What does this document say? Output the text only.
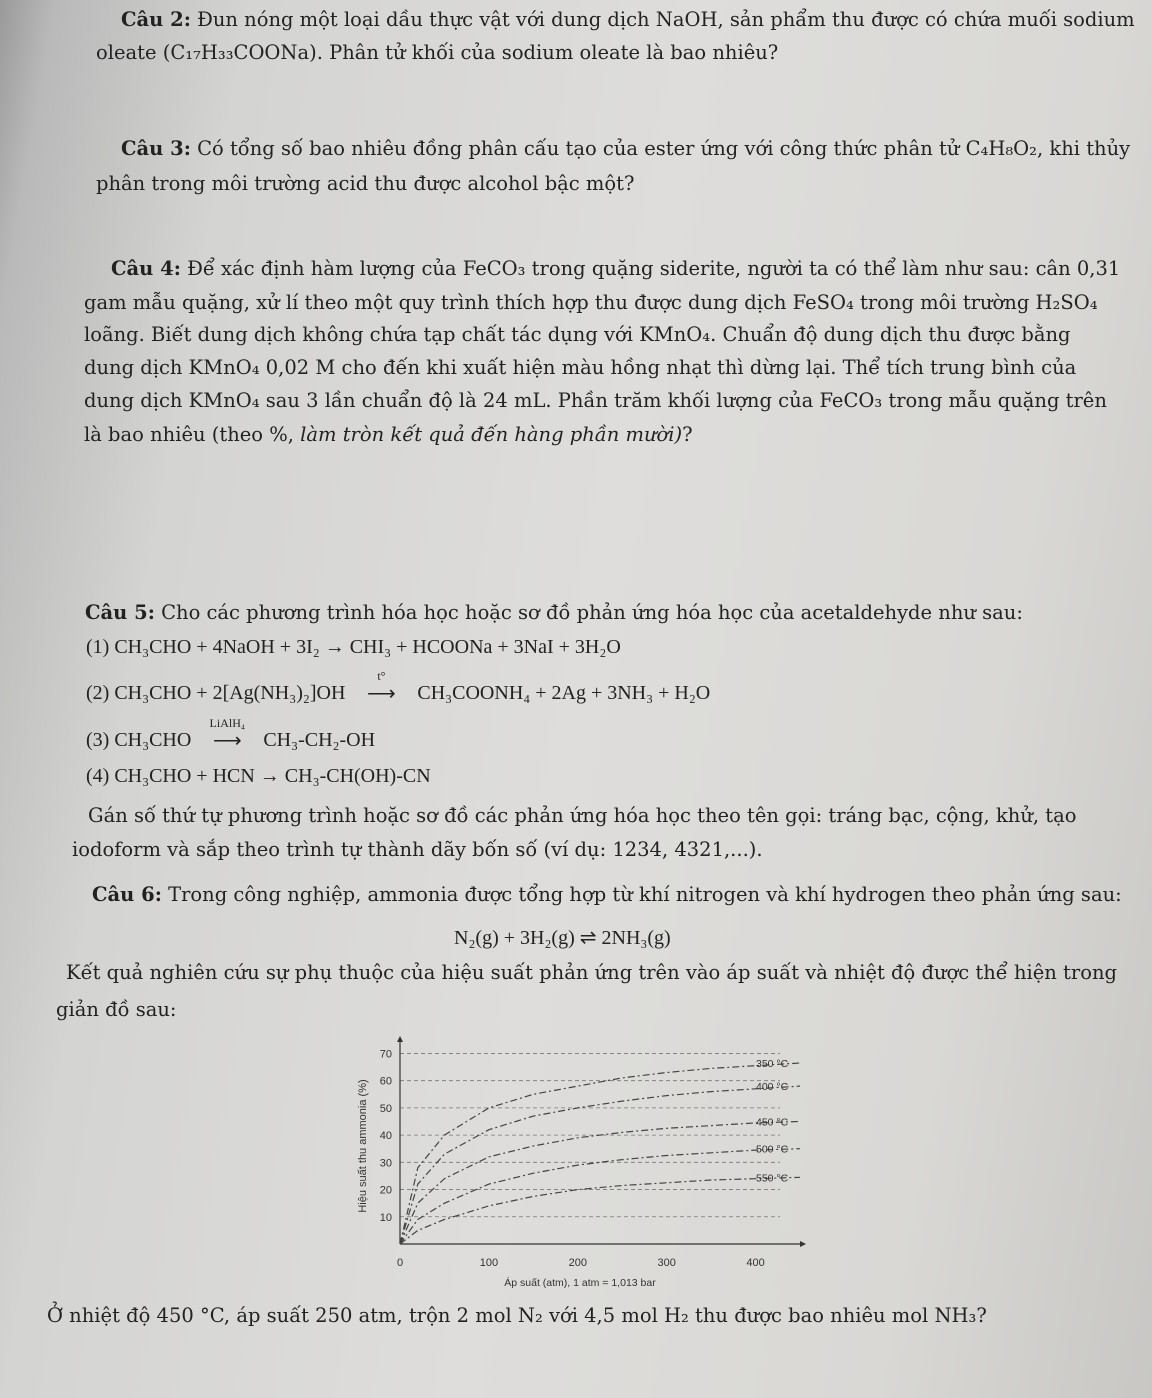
Câu 2: Đun nóng một loại dầu thực vật với dung dịch NaOH, sản phẩm thu được có chứa muối sodium
oleate (C₁₇H₃₃COONa). Phân tử khối của sodium oleate là bao nhiêu?
Câu 3: Có tổng số bao nhiêu đồng phân cấu tạo của ester ứng với công thức phân tử C₄H₈O₂, khi thủy
phân trong môi trường acid thu được alcohol bậc một?
Câu 4: Để xác định hàm lượng của FeCO₃ trong quặng siderite, người ta có thể làm như sau: cân 0,31
gam mẫu quặng, xử lí theo một quy trình thích hợp thu được dung dịch FeSO₄ trong môi trường H₂SO₄
loãng. Biết dung dịch không chứa tạp chất tác dụng với KMnO₄. Chuẩn độ dung dịch thu được bằng
dung dịch KMnO₄ 0,02 M cho đến khi xuất hiện màu hồng nhạt thì dừng lại. Thể tích trung bình của
dung dịch KMnO₄ sau 3 lần chuẩn độ là 24 mL. Phần trăm khối lượng của FeCO₃ trong mẫu quặng trên
là bao nhiêu (theo %, làm tròn kết quả đến hàng phần mười)?
Câu 5: Cho các phương trình hóa học hoặc sơ đồ phản ứng hóa học của acetaldehyde như sau:
(1) CH₃CHO + 4NaOH + 3I₂ → CHI₃ + HCOONa + 3NaI + 3H₂O
(2) CH₃CHO + 2[Ag(NH₃)₂]OH
t°
⟶ CH₃COONH₄ + 2Ag + 3NH₃ + H₂O
(3) CH₃CHO
LiAlH₄
⟶ CH₃-CH₂-OH
(4) CH₃CHO + HCN → CH₃-CH(OH)-CN
Gán số thứ tự phương trình hoặc sơ đồ các phản ứng hóa học theo tên gọi: tráng bạc, cộng, khử, tạo
iodoform và sắp theo trình tự thành dãy bốn số (ví dụ: 1234, 4321,...).
Câu 6: Trong công nghiệp, ammonia được tổng hợp từ khí nitrogen và khí hydrogen theo phản ứng sau:
N₂(g) + 3H₂(g) ⇌ 2NH₃(g)
Kết quả nghiên cứu sự phụ thuộc của hiệu suất phản ứng trên vào áp suất và nhiệt độ được thể hiện trong
giản đồ sau:
10
20
30
40
50
60
70
0	100	200	300	400
350 °C
400 °C
450 °C
500 °C
550 °C
Áp suất (atm), 1 atm = 1,013 bar
Hiệu suất thu ammonia (%)
Ở nhiệt độ 450 °C, áp suất 250 atm, trộn 2 mol N₂ với 4,5 mol H₂ thu được bao nhiêu mol NH₃?
